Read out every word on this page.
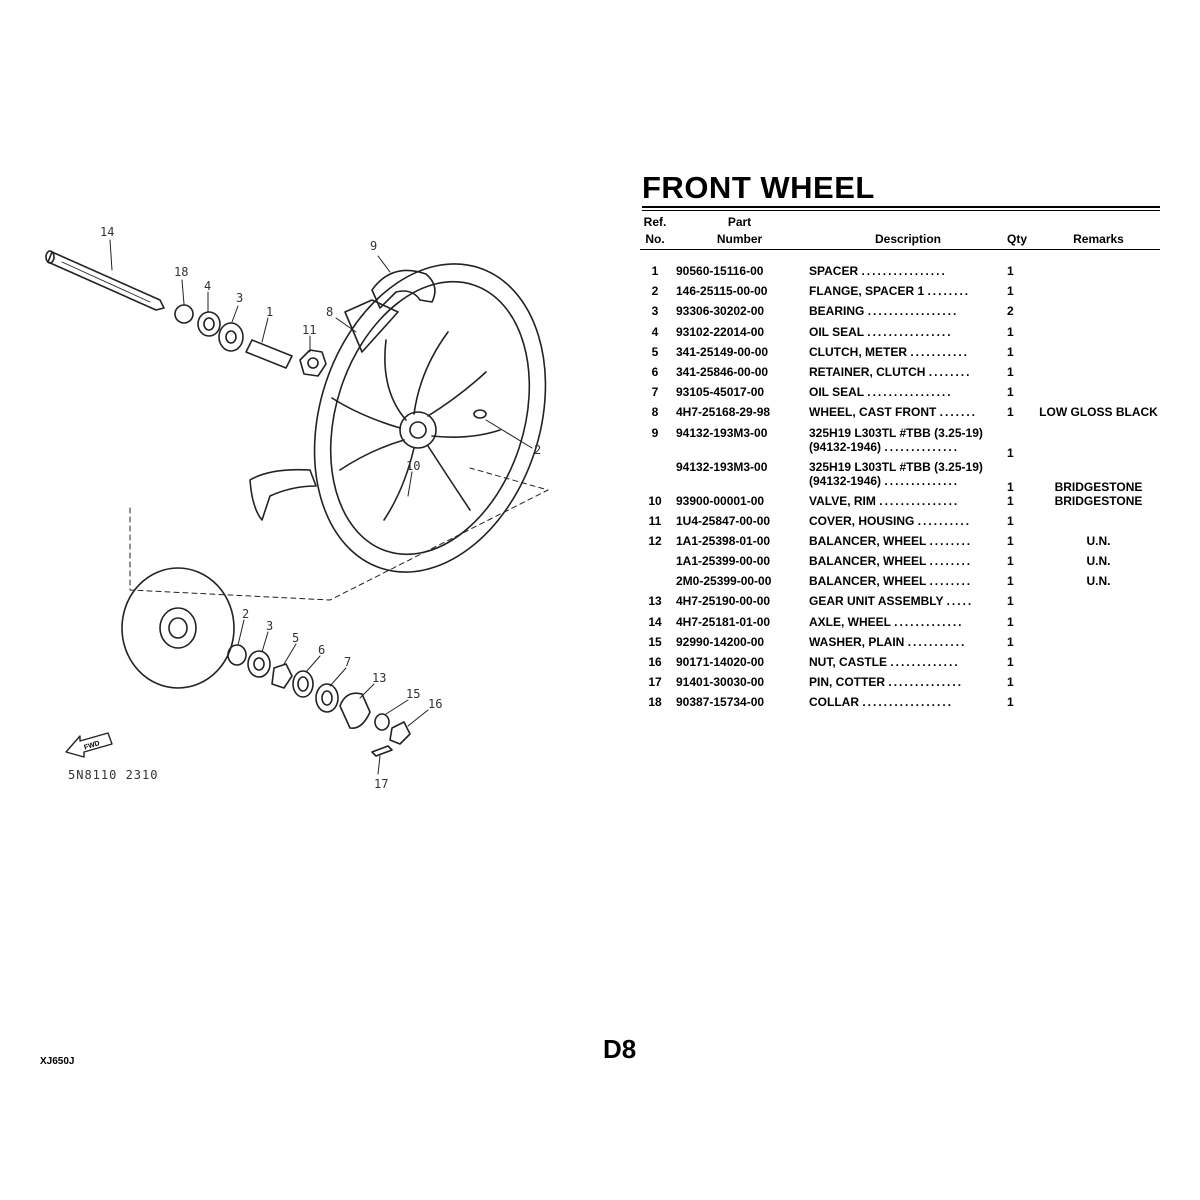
14
18
4
3
1
11
9
8
2
10
2
3
5
6
7
13
15
16
17
FWD
5N8110 2310
FRONT WHEEL
Ref.	Part			
No.	Number	Description	Qty	Remarks

1	90560-15116-00	SPACER ................	1	
2	146-25115-00-00	FLANGE, SPACER 1 ........	1	
3	93306-30202-00	BEARING .................	2	
4	93102-22014-00	OIL SEAL ................	1	
5	341-25149-00-00	CLUTCH, METER ...........	1	
6	341-25846-00-00	RETAINER, CLUTCH ........	1	
7	93105-45017-00	OIL SEAL ................	1	
8	4H7-25168-29-98	WHEEL, CAST FRONT .......	1	LOW GLOSS BLACK
9	94132-193M3-00	325H19 L303TL #TBB (3.25-19)
(94132-1946) ..............	1	
	94132-193M3-00	325H19 L303TL #TBB (3.25-19)
(94132-1946) ..............	1	BRIDGESTONE
10	93900-00001-00	VALVE, RIM ...............	1	BRIDGESTONE
11	1U4-25847-00-00	COVER, HOUSING ..........	1	
12	1A1-25398-01-00	BALANCER, WHEEL ........	1	U.N.
	1A1-25399-00-00	BALANCER, WHEEL ........	1	U.N.
	2M0-25399-00-00	BALANCER, WHEEL ........	1	U.N.
13	4H7-25190-00-00	GEAR UNIT ASSEMBLY .....	1	
14	4H7-25181-01-00	AXLE, WHEEL .............	1	
15	92990-14200-00	WASHER, PLAIN ...........	1	
16	90171-14020-00	NUT, CASTLE .............	1	
17	91401-30030-00	PIN, COTTER ..............	1	
18	90387-15734-00	COLLAR .................	1	
D8
XJ650J
